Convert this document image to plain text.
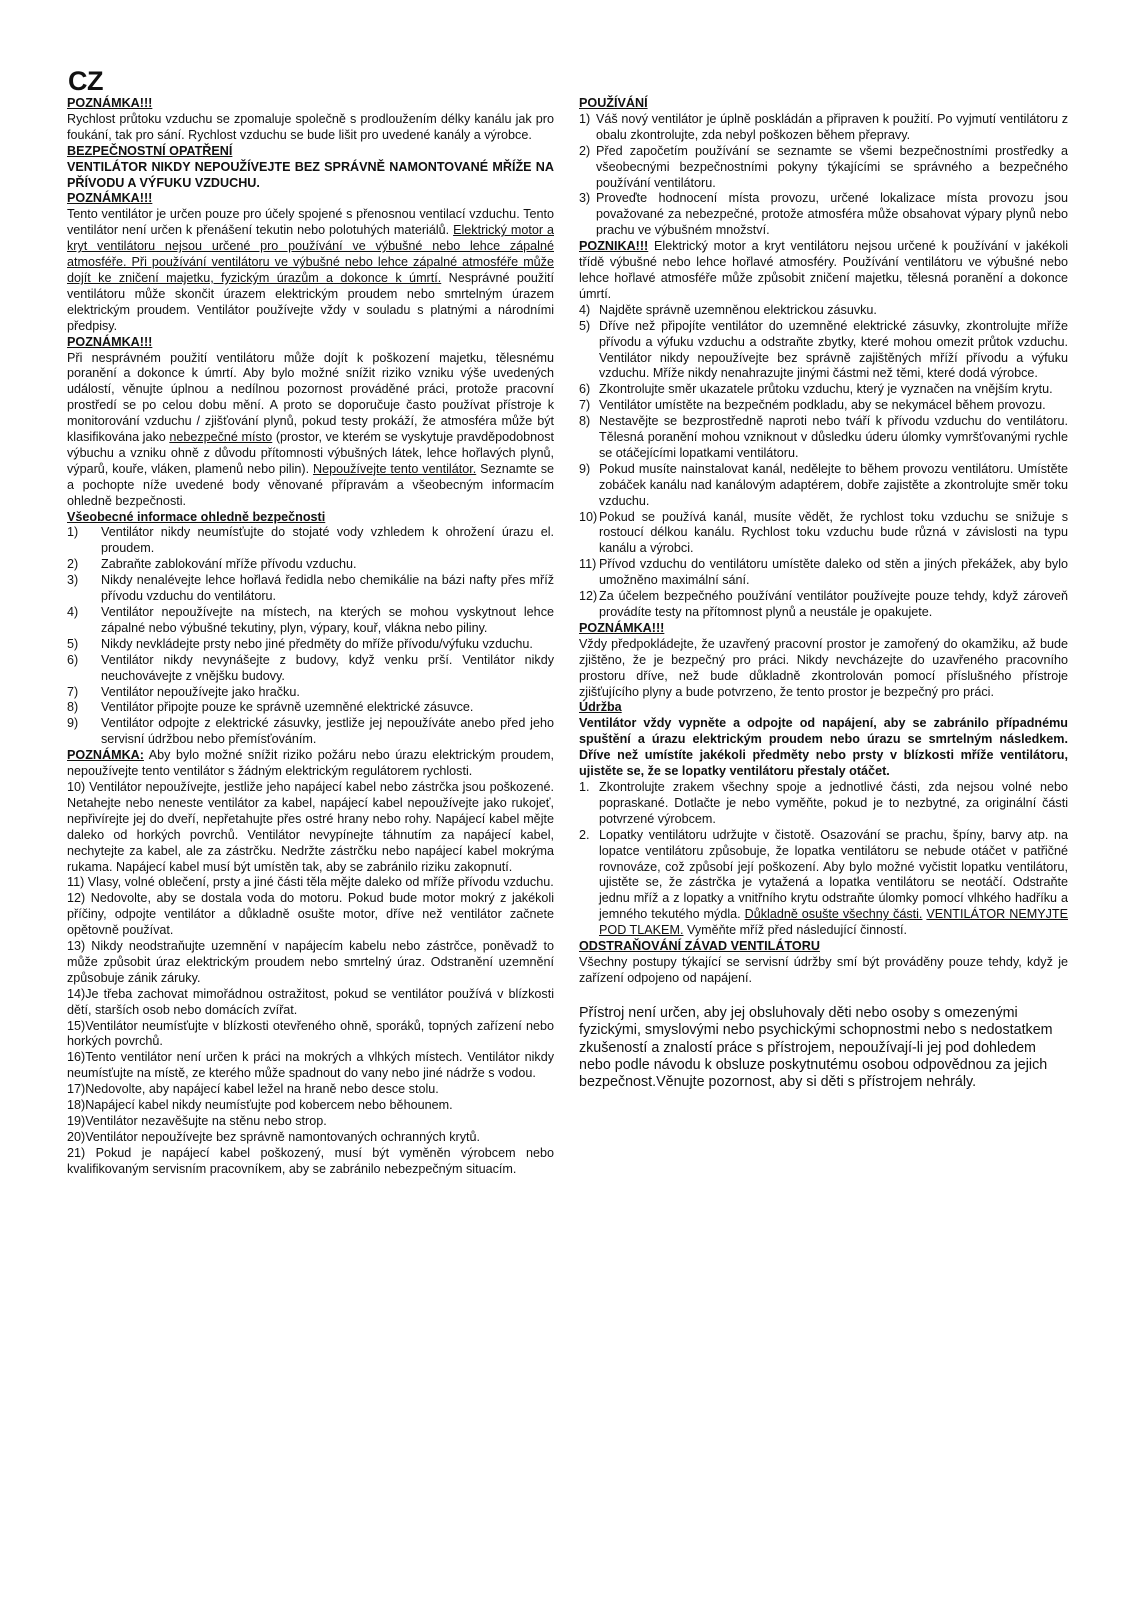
CZ

POZNÁMKA!!!

Rychlost průtoku vzduchu se zpomaluje společně s prodloužením délky kanálu jak pro foukání, tak pro sání. Rychlost vzduchu se bude lišit pro uvedené kanály a výrobce.

BEZPEČNOSTNÍ OPATŘENÍ

VENTILÁTOR NIKDY NEPOUŽÍVEJTE BEZ SPRÁVNĚ NAMONTOVANÉ MŘÍŽE NA PŘÍVODU A VÝFUKU VZDUCHU.

POZNÁMKA!!!

Tento ventilátor je určen pouze pro účely spojené s přenosnou ventilací vzduchu. Tento ventilátor není určen k přenášení tekutin nebo polotuhých materiálů. Elektrický motor a kryt ventilátoru nejsou určené pro používání ve výbušné nebo lehce zápalné atmosféře. Při používání ventilátoru ve výbušné nebo lehce zápalné atmosféře může dojít ke zničení majetku, fyzickým úrazům a dokonce k úmrtí. Nesprávné použití ventilátoru může skončit úrazem elektrickým proudem nebo smrtelným úrazem elektrickým proudem. Ventilátor používejte vždy v souladu s platnými a národními předpisy.

POZNÁMKA!!!

Při nesprávném použití ventilátoru může dojít k poškození majetku, tělesnému poranění a dokonce k úmrtí. Aby bylo možné snížit riziko vzniku výše uvedených událostí, věnujte úplnou a nedílnou pozornost prováděné práci, protože pracovní prostředí se po celou dobu mění. A proto se doporučuje často používat přístroje k monitorování vzduchu / zjišťování plynů, pokud testy prokáží, že atmosféra může být klasifikována jako nebezpečné místo (prostor, ve kterém se vyskytuje pravděpodobnost výbuchu a vzniku ohně z důvodu přítomnosti výbušných látek, lehce hořlavých plynů, výparů, kouře, vláken, plamenů nebo pilin). Nepoužívejte tento ventilátor. Seznamte se a pochopte níže uvedené body věnované přípravám a všeobecným informacím ohledně bezpečnosti.

Všeobecné informace ohledně bezpečnosti

1)	Ventilátor nikdy neumísťujte do stojaté vody vzhledem k ohrožení úrazu el. proudem.
2)	Zabraňte zablokování mříže přívodu vzduchu.
3)	Nikdy nenalévejte lehce hořlavá ředidla nebo chemikálie na bázi nafty přes mříž přívodu vzduchu do ventilátoru.
4)	Ventilátor nepoužívejte na místech, na kterých se mohou vyskytnout lehce zápalné nebo výbušné tekutiny, plyn, výpary, kouř, vlákna nebo piliny.
5)	Nikdy nevkládejte prsty nebo jiné předměty do mříže přívodu/výfuku vzduchu.
6)	Ventilátor nikdy nevynášejte z budovy, když venku prší. Ventilátor nikdy neuchovávejte z vnějšku budovy.
7)	Ventilátor nepoužívejte jako hračku.
8)	Ventilátor připojte pouze ke správně uzemněné elektrické zásuvce.
9)	Ventilátor odpojte z elektrické zásuvky, jestliže jej nepoužíváte anebo před jeho servisní údržbou nebo přemísťováním.

POZNÁMKA: Aby bylo možné snížit riziko požáru nebo úrazu elektrickým proudem, nepoužívejte tento ventilátor s žádným elektrickým regulátorem rychlosti.

10) Ventilátor nepoužívejte, jestliže jeho napájecí kabel nebo zástrčka jsou poškozené. Netahejte nebo neneste ventilátor za kabel, napájecí kabel nepoužívejte jako rukojeť, nepřivírejte jej do dveří, nepřetahujte přes ostré hrany nebo rohy. Napájecí kabel mějte daleko od horkých povrchů. Ventilátor nevypínejte táhnutím za napájecí kabel, nechytejte za kabel, ale za zástrčku. Nedržte zástrčku nebo napájecí kabel mokrýma rukama. Napájecí kabel musí být umístěn tak, aby se zabránilo riziku zakopnutí.

11) Vlasy, volné oblečení, prsty a jiné části těla mějte daleko od mříže přívodu vzduchu.

12) Nedovolte, aby se dostala voda do motoru. Pokud bude motor mokrý z jakékoli příčiny, odpojte ventilátor a důkladně osušte motor, dříve než ventilátor začnete opětovně používat.

13) Nikdy neodstraňujte uzemnění v napájecím kabelu nebo zástrčce, poněvadž to může způsobit úraz elektrickým proudem nebo smrtelný úraz. Odstranění uzemnění způsobuje zánik záruky.

14)Je třeba zachovat mimořádnou ostražitost, pokud se ventilátor používá v blízkosti dětí, starších osob nebo domácích zvířat.

15)Ventilátor neumísťujte v blízkosti otevřeného ohně, sporáků, topných zařízení nebo horkých povrchů.

16)Tento ventilátor není určen k práci na mokrých a vlhkých místech. Ventilátor nikdy neumísťujte na místě, ze kterého může spadnout do vany nebo jiné nádrže s vodou.

17)Nedovolte, aby napájecí kabel ležel na hraně nebo desce stolu.

18)Napájecí kabel nikdy neumísťujte pod kobercem nebo běhounem.

19)Ventilátor nezavěšujte na stěnu nebo strop.

20)Ventilátor nepoužívejte bez správně namontovaných ochranných krytů.

21) Pokud je napájecí kabel poškozený, musí být vyměněn výrobcem nebo kvalifikovaným servisním pracovníkem, aby se zabránilo nebezpečným situacím.

POUŽÍVÁNÍ

1) Váš nový ventilátor je úplně poskládán a připraven k použití. Po vyjmutí ventilátoru z obalu zkontrolujte, zda nebyl poškozen během přepravy.
2) Před započetím používání se seznamte se všemi bezpečnostními prostředky a všeobecnými bezpečnostními pokyny týkajícími se správného a bezpečného používání ventilátoru.
3) Proveďte hodnocení místa provozu, určené lokalizace místa provozu jsou považované za nebezpečné, protože atmosféra může obsahovat výpary plynů nebo prachu ve výbušném množství.

POZNIKA!!! Elektrický motor a kryt ventilátoru nejsou určené k používání v jakékoli třídě výbušné nebo lehce hořlavé atmosféry. Používání ventilátoru ve výbušné nebo lehce hořlavé atmosféře může způsobit zničení majetku, tělesná poranění a dokonce úmrtí.

4) Najděte správně uzemněnou elektrickou zásuvku.
5) Dříve než připojíte ventilátor do uzemněné elektrické zásuvky, zkontrolujte mříže přívodu a výfuku vzduchu a odstraňte zbytky, které mohou omezit průtok vzduchu. Ventilátor nikdy nepoužívejte bez správně zajištěných mříží přívodu a výfuku vzduchu. Mříže nikdy nenahrazujte jinými částmi než těmi, které dodá výrobce.
6) Zkontrolujte směr ukazatele průtoku vzduchu, který je vyznačen na vnějším krytu.
7) Ventilátor umístěte na bezpečném podkladu, aby se nekymácel během provozu.
8) Nestavějte se bezprostředně naproti nebo tváří k přívodu vzduchu do ventilátoru. Tělesná poranění mohou vzniknout v důsledku úderu úlomky vymršťovanými rychle se otáčejícími lopatkami ventilátoru.
9) Pokud musíte nainstalovat kanál, nedělejte to během provozu ventilátoru. Umístěte zobáček kanálu nad kanálovým adaptérem, dobře zajistěte a zkontrolujte směr toku vzduchu.
10) Pokud se používá kanál, musíte vědět, že rychlost toku vzduchu se snižuje s rostoucí délkou kanálu. Rychlost toku vzduchu bude různá v závislosti na typu kanálu a výrobci.
11) Přívod vzduchu do ventilátoru umístěte daleko od stěn a jiných překážek, aby bylo umožněno maximální sání.
12) Za účelem bezpečného používání ventilátor používejte pouze tehdy, když zároveň provádíte testy na přítomnost plynů a neustále je opakujete.

POZNÁMKA!!!

Vždy předpokládejte, že uzavřený pracovní prostor je zamořený do okamžiku, až bude zjištěno, že je bezpečný pro práci. Nikdy nevcházejte do uzavřeného pracovního prostoru dříve, než bude důkladně zkontrolován pomocí příslušného přístroje zjišťujícího plyny a bude potvrzeno, že tento prostor je bezpečný pro práci.

Údržba

Ventilátor vždy vypněte a odpojte od napájení, aby se zabránilo případnému spuštění a úrazu elektrickým proudem nebo úrazu se smrtelným následkem. Dříve než umístíte jakékoli předměty nebo prsty v blízkosti mříže ventilátoru, ujistěte se, že se lopatky ventilátoru přestaly otáčet.

1. Zkontrolujte zrakem všechny spoje a jednotlivé části, zda nejsou volné nebo popraskané. Dotlačte je nebo vyměňte, pokud je to nezbytné, za originální části potvrzené výrobcem.
2. Lopatky ventilátoru udržujte v čistotě. Osazování se prachu, špíny, barvy atp. na lopatce ventilátoru způsobuje, že lopatka ventilátoru se nebude otáčet v patřičné rovnováze, což způsobí její poškození. Aby bylo možné vyčistit lopatku ventilátoru, ujistěte se, že zástrčka je vytažená a lopatka ventilátoru se neotáčí. Odstraňte jednu mříž a z lopatky a vnitřního krytu odstraňte úlomky pomocí vlhkého hadříku a jemného tekutého mýdla. Důkladně osušte všechny části. VENTILÁTOR NEMYJTE POD TLAKEM. Vyměňte mříž před následující činností.

ODSTRAŇOVÁNÍ ZÁVAD VENTILÁTORU

Všechny postupy týkající se servisní údržby smí být prováděny pouze tehdy, když je zařízení odpojeno od napájení.

Přístroj není určen, aby jej obsluhovaly děti nebo osoby s omezenými fyzickými, smyslovými nebo psychickými schopnostmi nebo s nedostatkem zkušeností a znalostí práce s přístrojem, nepoužívají-li jej pod dohledem nebo podle návodu k obsluze poskytnutému osobou odpovědnou za jejich bezpečnost.Věnujte pozornost, aby si děti s přístrojem nehrály.
